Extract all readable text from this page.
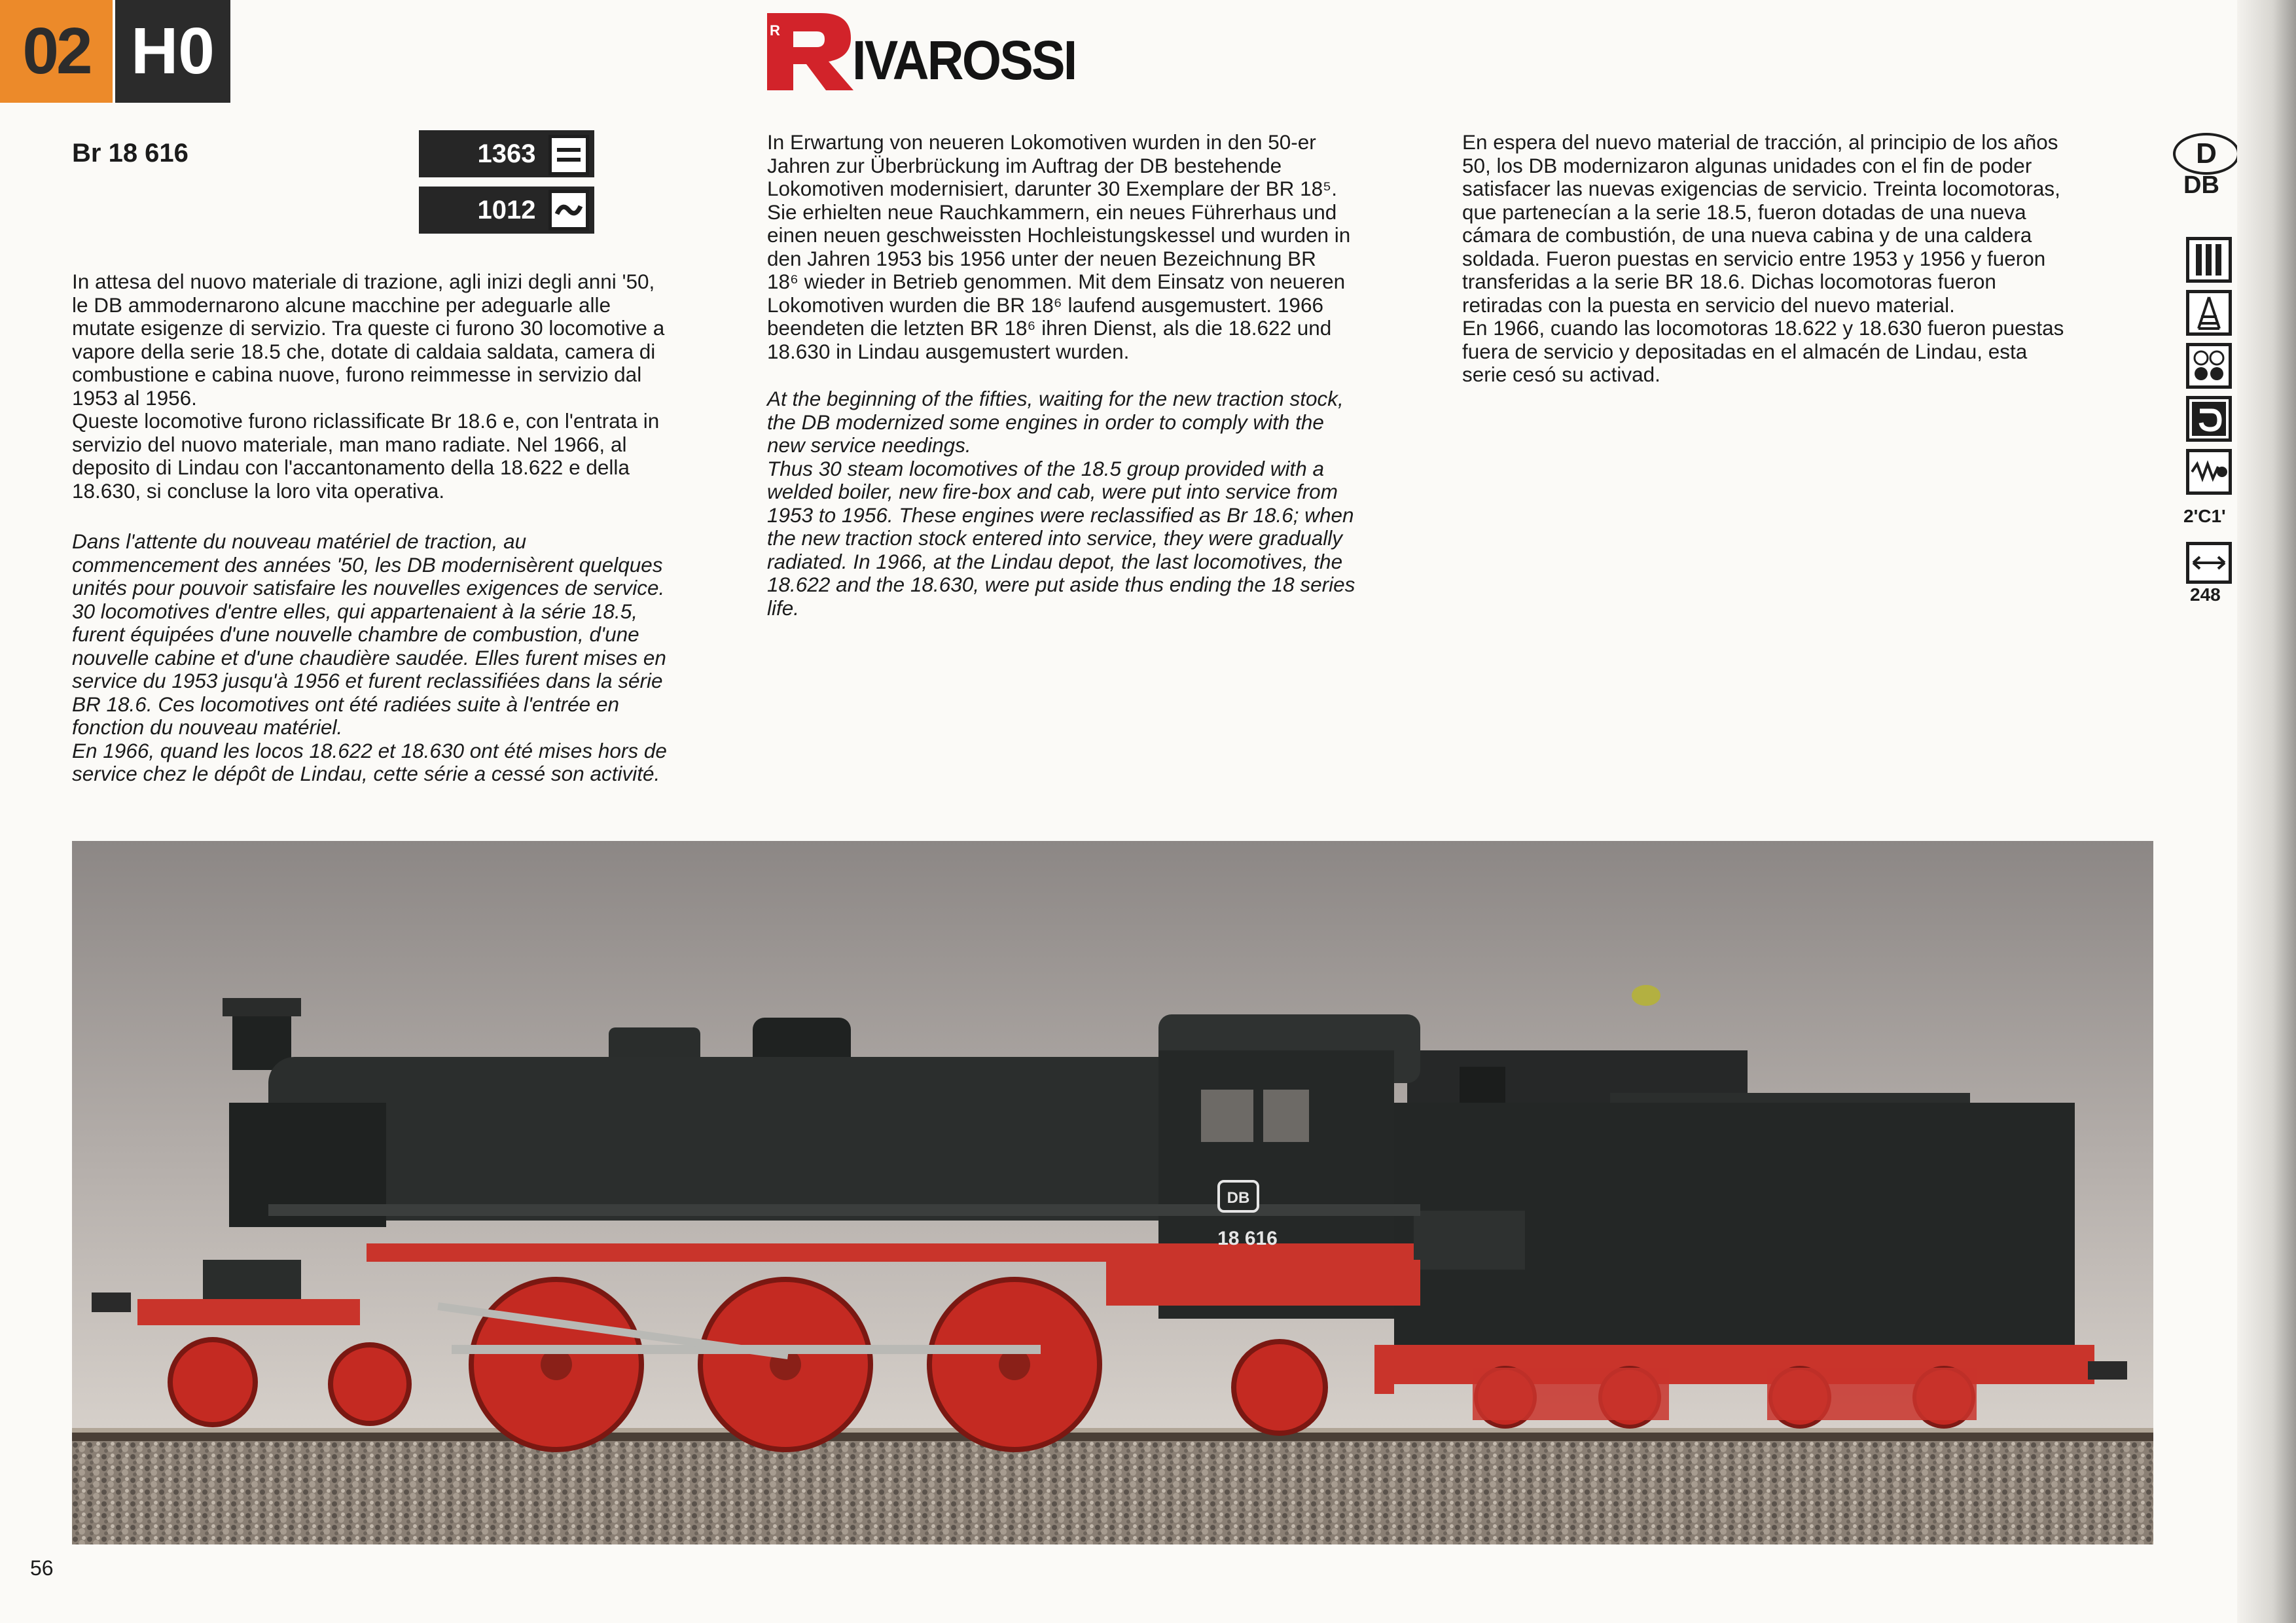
02 H0	R IVAROSSI
Br 18 616	1363
1012

In attesa del nuovo materiale di trazione, agli inizi degli anni '50,
le DB ammodernarono alcune macchine per adeguarle alle
mutate esigenze di servizio. Tra queste ci furono 30 locomotive a
vapore della serie 18.5 che, dotate di caldaia saldata, camera di
combustione e cabina nuove, furono reimmesse in servizio dal
1953 al 1956.
Queste locomotive furono riclassificate Br 18.6 e, con l'entrata in
servizio del nuovo materiale, man mano radiate. Nel 1966, al
deposito di Lindau con l'accantonamento della 18.622 e della
18.630, si concluse la loro vita operativa.

Dans l'attente du nouveau matériel de traction, au
commencement des années '50, les DB modernisèrent quelques
unités pour pouvoir satisfaire les nouvelles exigences de service.
30 locomotives d'entre elles, qui appartenaient à la série 18.5,
furent équipées d'une nouvelle chambre de combustion, d'une
nouvelle cabine et d'une chaudière saudée. Elles furent mises en
service du 1953 jusqu'à 1956 et furent reclassifiées dans la série
BR 18.6. Ces locomotives ont été radiées suite à l'entrée en
fonction du nouveau matériel.
En 1966, quand les locos 18.622 et 18.630 ont été mises hors de
service chez le dépôt de Lindau, cette série a cessé son activité.

In Erwartung von neueren Lokomotiven wurden in den 50-er
Jahren zur Überbrückung im Auftrag der DB bestehende
Lokomotiven modernisiert, darunter 30 Exemplare der BR 18⁵.
Sie erhielten neue Rauchkammern, ein neues Führerhaus und
einen neuen geschweissten Hochleistungskessel und wurden in
den Jahren 1953 bis 1956 unter der neuen Bezeichnung BR
18⁶ wieder in Betrieb genommen. Mit dem Einsatz von neueren
Lokomotiven wurden die BR 18⁶ laufend ausgemustert. 1966
beendeten die letzten BR 18⁶ ihren Dienst, als die 18.622 und
18.630 in Lindau ausgemustert wurden.

At the beginning of the fifties, waiting for the new traction stock,
the DB modernized some engines in order to comply with the
new service needings.
Thus 30 steam locomotives of the 18.5 group provided with a
welded boiler, new fire-box and cab, were put into service from
1953 to 1956. These engines were reclassified as Br 18.6; when
the new traction stock entered into service, they were gradually
radiated. In 1966, at the Lindau depot, the last locomotives, the
18.622 and the 18.630, were put aside thus ending the 18 series
life.

En espera del nuevo material de tracción, al principio de los años
50, los DB modernizaron algunas unidades con el fin de poder
satisfacer las nuevas exigencias de servicio. Treinta locomotoras,
que partenecían a la serie 18.5, fueron dotadas de una nueva
cámara de combustión, de una nueva cabina y de una caldera
soldada. Fueron puestas en servicio entre 1953 y 1956 y fueron
transferidas a la serie BR 18.6. Dichas locomotoras fueron
retiradas con la puesta en servicio del nuevo material.
En 1966, cuando las locomotoras 18.622 y 18.630 fueron puestas
fuera de servicio y depositadas en el almacén de Lindau, esta
serie cesó su activad.

D
DB
2'C1'
248
DB
18 616
56
